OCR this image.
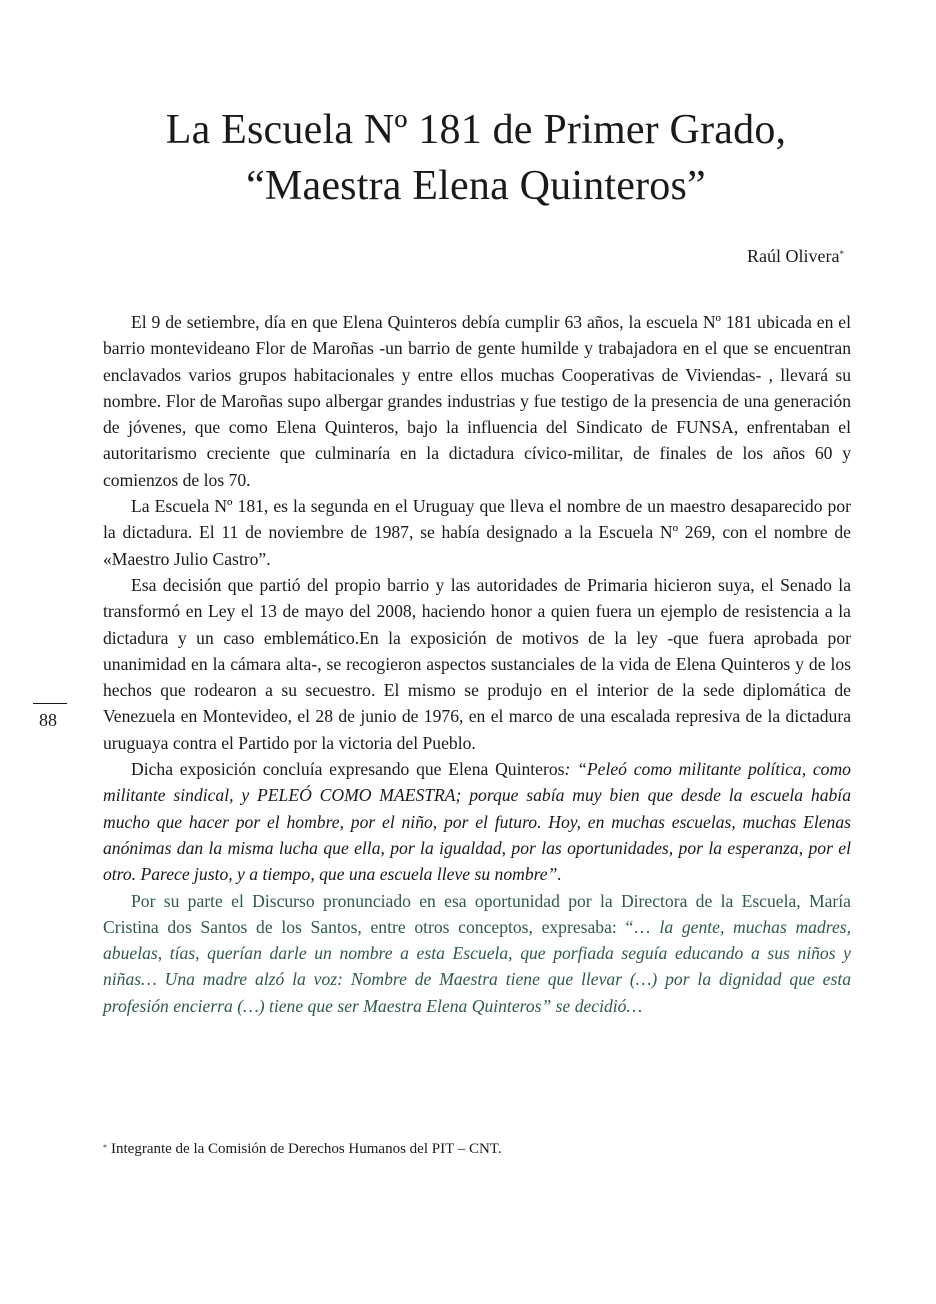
La Escuela Nº 181 de Primer Grado,
“Maestra Elena Quinteros”
Raúl Olivera*

El 9 de setiembre, día en que Elena Quinteros debía cumplir 63 años, la escuela Nº 181 ubicada en el barrio montevideano Flor de Maroñas -un barrio de gente humilde y trabajadora en el que se encuentran enclavados varios grupos habitacionales y entre ellos muchas Cooperativas de Viviendas- , llevará su nombre. Flor de Maroñas supo albergar grandes industrias y fue testigo de la presencia de una generación de jóvenes, que como Elena Quinteros, bajo la influencia del Sindicato de FUNSA, enfrentaban el autoritarismo creciente que culminaría en la dictadura cívico-militar, de finales de los años 60 y comienzos de los 70.

La Escuela Nº 181, es la segunda en el Uruguay que lleva el nombre de un maestro desaparecido por la dictadura. El 11 de noviembre de 1987, se había designado a la Escuela Nº 269, con el nombre de «Maestro Julio Castro”.

Esa decisión que partió del propio barrio y las autoridades de Primaria hicieron suya, el Senado la transformó en Ley el 13 de mayo del 2008, haciendo honor a quien fuera un ejemplo de resistencia a la dictadura y un caso emblemático.En la exposición de motivos de la ley -que fuera aprobada por unanimidad en la cámara alta-, se recogieron aspectos sustanciales de la vida de Elena Quinteros y de los hechos que rodearon a su secuestro. El mismo se produjo en el interior de la sede diplomática de Venezuela en Montevideo, el 28 de junio de 1976, en el marco de una escalada represiva de la dictadura uruguaya contra el Partido por la victoria del Pueblo.

Dicha exposición concluía expresando que Elena Quinteros: “Peleó como militante política, como militante sindical, y PELEÓ COMO MAESTRA; porque sabía muy bien que desde la escuela había mucho que hacer por el hombre, por el niño, por el futuro. Hoy, en muchas escuelas, muchas Elenas anónimas dan la misma lucha que ella, por la igualdad, por las oportunidades, por la esperanza, por el otro. Parece justo, y a tiempo, que una escuela lleve su nombre”.

Por su parte el Discurso pronunciado en esa oportunidad por la Directora de la Escuela, María Cristina dos Santos de los Santos, entre otros conceptos, expresaba: “… la gente, muchas madres, abuelas, tías, querían darle un nombre a esta Escuela, que porfiada seguía educando a sus niños y niñas… Una madre alzó la voz: Nombre de Maestra tiene que llevar (…) por la dignidad que esta profesión encierra (…) tiene que ser Maestra Elena Quinteros” se decidió…

88
* Integrante de la Comisión de Derechos Humanos del PIT – CNT.
